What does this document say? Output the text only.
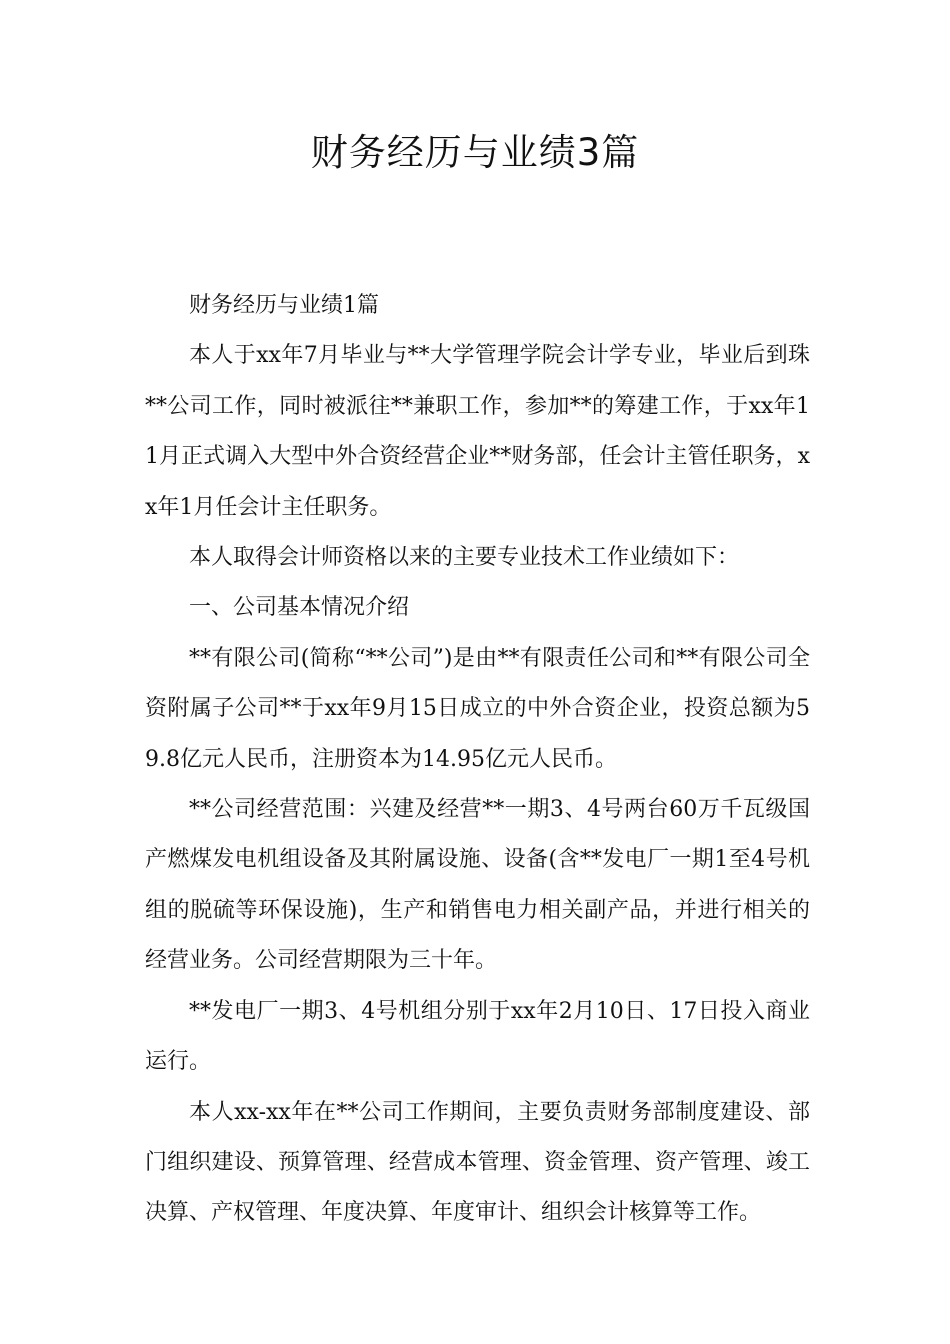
财务经历与业绩3篇

财务经历与业绩1篇

本人于xx年7月毕业与**大学管理学院会计学专业，毕业后到珠**公司工作，同时被派往**兼职工作，参加**的筹建工作，于xx年11月正式调入大型中外合资经营企业**财务部，任会计主管任职务，xx年1月任会计主任职务。

本人取得会计师资格以来的主要专业技术工作业绩如下：

一、公司基本情况介绍

**有限公司(简称“**公司”)是由**有限责任公司和**有限公司全资附属子公司**于xx年9月15日成立的中外合资企业，投资总额为59.8亿元人民币，注册资本为14.95亿元人民币。

**公司经营范围：兴建及经营**一期3、4号两台60万千瓦级国产燃煤发电机组设备及其附属设施、设备(含**发电厂一期1至4号机组的脱硫等环保设施)，生产和销售电力相关副产品，并进行相关的经营业务。公司经营期限为三十年。

**发电厂一期3、4号机组分别于xx年2月10日、17日投入商业运行。

本人xx-xx年在**公司工作期间，主要负责财务部制度建设、部门组织建设、预算管理、经营成本管理、资金管理、资产管理、竣工决算、产权管理、年度决算、年度审计、组织会计核算等工作。
